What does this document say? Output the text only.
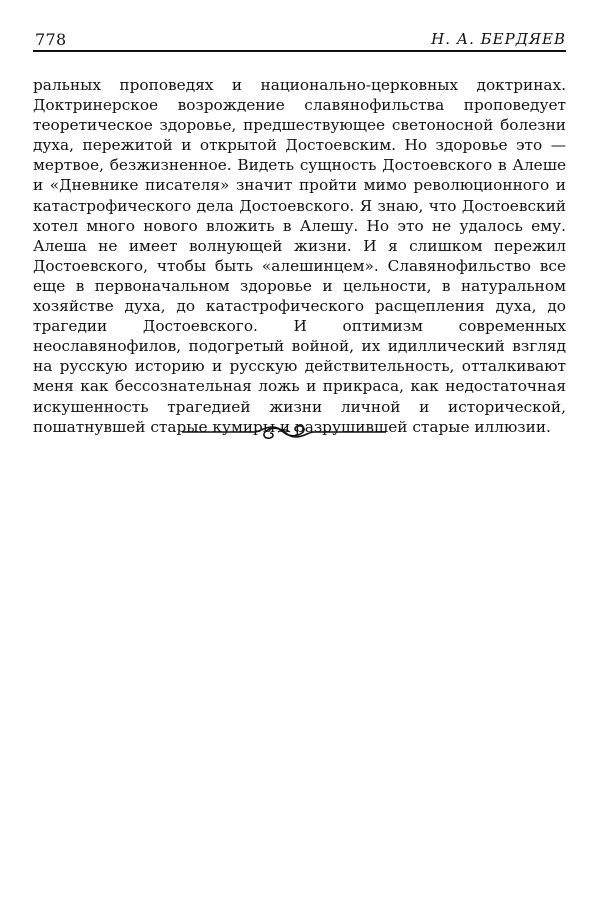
778	Н. А. БЕРДЯЕВ

ральных проповедях и национально-церковных доктринах. Доктринерское возрождение славянофильства проповедует теоретическое здоровье, предшествующее светоносной болезни духа, пережитой и открытой Достоевским. Но здоровье это — мертвое, безжизненное. Видеть сущность Достоевского в Алеше и «Дневнике писателя» значит пройти мимо революционного и катастрофического дела Достоевского. Я знаю, что Достоевский хотел много нового вложить в Алешу. Но это не удалось ему. Алеша не имеет волнующей жизни. И я слишком пережил Достоевского, чтобы быть «алешинцем». Славянофильство все еще в первоначальном здоровье и цельности, в натуральном хозяйстве духа, до катастрофического расщепления духа, до трагедии Достоевского. И оптимизм современных неославянофилов, подогретый войной, их идиллический взгляд на русскую историю и русскую действительность, отталкивают меня как бессознательная ложь и прикраса, как недостаточная искушенность трагедией жизни личной и исторической, пошатнувшей старые кумиры и разрушившей старые иллюзии.
